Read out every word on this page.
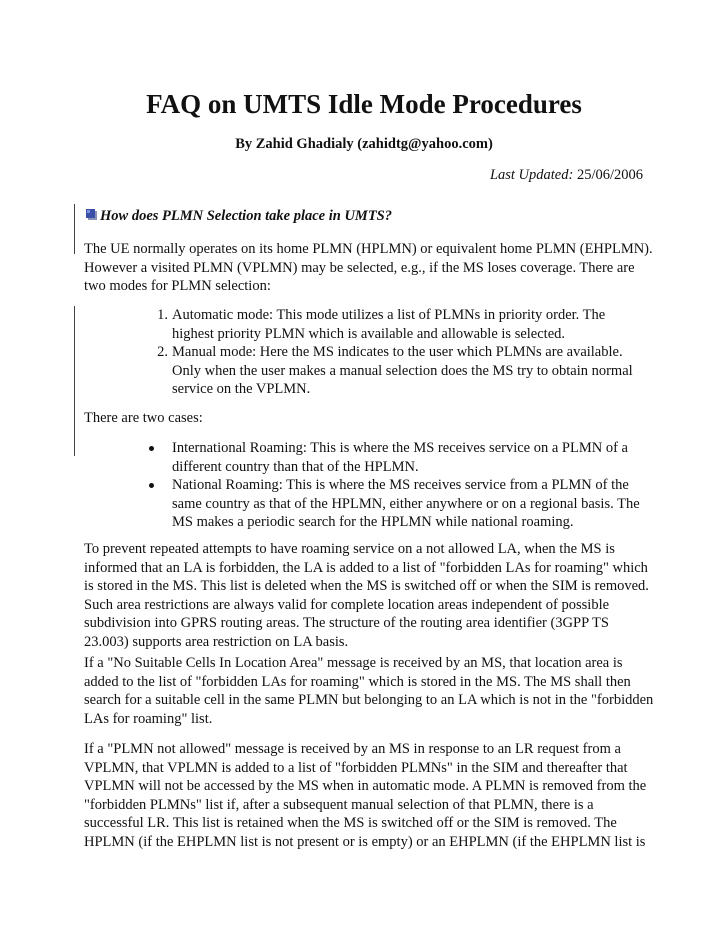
FAQ on UMTS Idle Mode Procedures
By Zahid Ghadialy (zahidtg@yahoo.com)
Last Updated: 25/06/2006
How does PLMN Selection take place in UMTS?

The UE normally operates on its home PLMN (HPLMN) or equivalent home PLMN (EHPLMN). However a visited PLMN (VPLMN) may be selected, e.g., if the MS loses coverage. There are two modes for PLMN selection:

1. Automatic mode: This mode utilizes a list of PLMNs in priority order. The highest priority PLMN which is available and allowable is selected.
2. Manual mode: Here the MS indicates to the user which PLMNs are available. Only when the user makes a manual selection does the MS try to obtain normal service on the VPLMN.

There are two cases:

International Roaming: This is where the MS receives service on a PLMN of a different country than that of the HPLMN.
National Roaming: This is where the MS receives service from a PLMN of the same country as that of the HPLMN, either anywhere or on a regional basis. The MS makes a periodic search for the HPLMN while national roaming.

To prevent repeated attempts to have roaming service on a not allowed LA, when the MS is informed that an LA is forbidden, the LA is added to a list of "forbidden LAs for roaming" which is stored in the MS. This list is deleted when the MS is switched off or when the SIM is removed. Such area restrictions are always valid for complete location areas independent of possible subdivision into GPRS routing areas. The structure of the routing area identifier (3GPP TS 23.003) supports area restriction on LA basis.

If a "No Suitable Cells In Location Area" message is received by an MS, that location area is added to the list of "forbidden LAs for roaming" which is stored in the MS. The MS shall then search for a suitable cell in the same PLMN but belonging to an LA which is not in the "forbidden LAs for roaming" list.

If a "PLMN not allowed" message is received by an MS in response to an LR request from a VPLMN, that VPLMN is added to a list of "forbidden PLMNs" in the SIM and thereafter that VPLMN will not be accessed by the MS when in automatic mode. A PLMN is removed from the "forbidden PLMNs" list if, after a subsequent manual selection of that PLMN, there is a successful LR. This list is retained when the MS is switched off or the SIM is removed. The HPLMN (if the EHPLMN list is not present or is empty) or an EHPLMN (if the EHPLMN list is
